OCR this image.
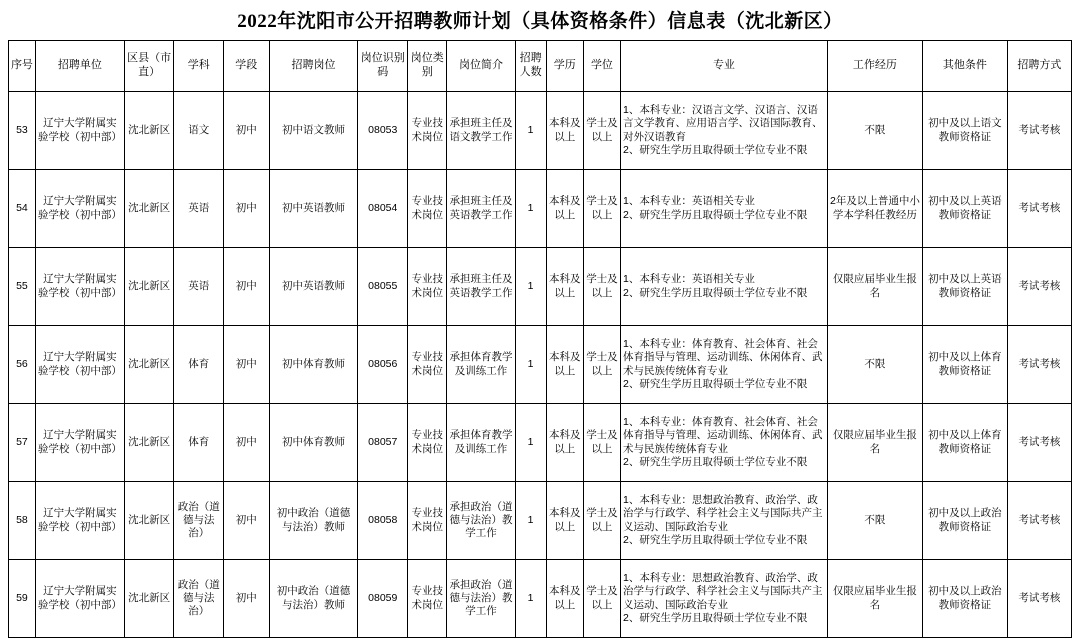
2022年沈阳市公开招聘教师计划（具体资格条件）信息表（沈北新区）
序号	招聘单位	区县（市直）	学科	学段	招聘岗位	岗位识别码	岗位类别	岗位简介	招聘人数	学历	学位	专业	工作经历	其他条件	招聘方式

53	辽宁大学附属实验学校（初中部）	沈北新区	语文	初中	初中语文教师	08053	专业技术岗位	承担班主任及语文教学工作	1	本科及以上	学士及以上	1、本科专业：汉语言文学、汉语言、汉语言文学教育、应用语言学、汉语国际教育、对外汉语教育
2、研究生学历且取得硕士学位专业不限	不限	初中及以上语文教师资格证	考试考核

54	辽宁大学附属实验学校（初中部）	沈北新区	英语	初中	初中英语教师	08054	专业技术岗位	承担班主任及英语教学工作	1	本科及以上	学士及以上	1、本科专业：英语相关专业
2、研究生学历且取得硕士学位专业不限	2年及以上普通中小学本学科任教经历	初中及以上英语教师资格证	考试考核

55	辽宁大学附属实验学校（初中部）	沈北新区	英语	初中	初中英语教师	08055	专业技术岗位	承担班主任及英语教学工作	1	本科及以上	学士及以上	1、本科专业：英语相关专业
2、研究生学历且取得硕士学位专业不限	仅限应届毕业生报名	初中及以上英语教师资格证	考试考核

56	辽宁大学附属实验学校（初中部）	沈北新区	体育	初中	初中体育教师	08056	专业技术岗位	承担体育教学及训练工作	1	本科及以上	学士及以上	1、本科专业：体育教育、社会体育、社会体育指导与管理、运动训练、休闲体育、武术与民族传统体育专业
2、研究生学历且取得硕士学位专业不限	不限	初中及以上体育教师资格证	考试考核

57	辽宁大学附属实验学校（初中部）	沈北新区	体育	初中	初中体育教师	08057	专业技术岗位	承担体育教学及训练工作	1	本科及以上	学士及以上	1、本科专业：体育教育、社会体育、社会体育指导与管理、运动训练、休闲体育、武术与民族传统体育专业
2、研究生学历且取得硕士学位专业不限	仅限应届毕业生报名	初中及以上体育教师资格证	考试考核

58	辽宁大学附属实验学校（初中部）	沈北新区	政治（道德与法治）	初中	初中政治（道德与法治）教师	08058	专业技术岗位	承担政治（道德与法治）教学工作	1	本科及以上	学士及以上	1、本科专业：思想政治教育、政治学、政治学与行政学、科学社会主义与国际共产主义运动、国际政治专业
2、研究生学历且取得硕士学位专业不限	不限	初中及以上政治教师资格证	考试考核

59	辽宁大学附属实验学校（初中部）	沈北新区	政治（道德与法治）	初中	初中政治（道德与法治）教师	08059	专业技术岗位	承担政治（道德与法治）教学工作	1	本科及以上	学士及以上	1、本科专业：思想政治教育、政治学、政治学与行政学、科学社会主义与国际共产主义运动、国际政治专业
2、研究生学历且取得硕士学位专业不限	仅限应届毕业生报名	初中及以上政治教师资格证	考试考核
